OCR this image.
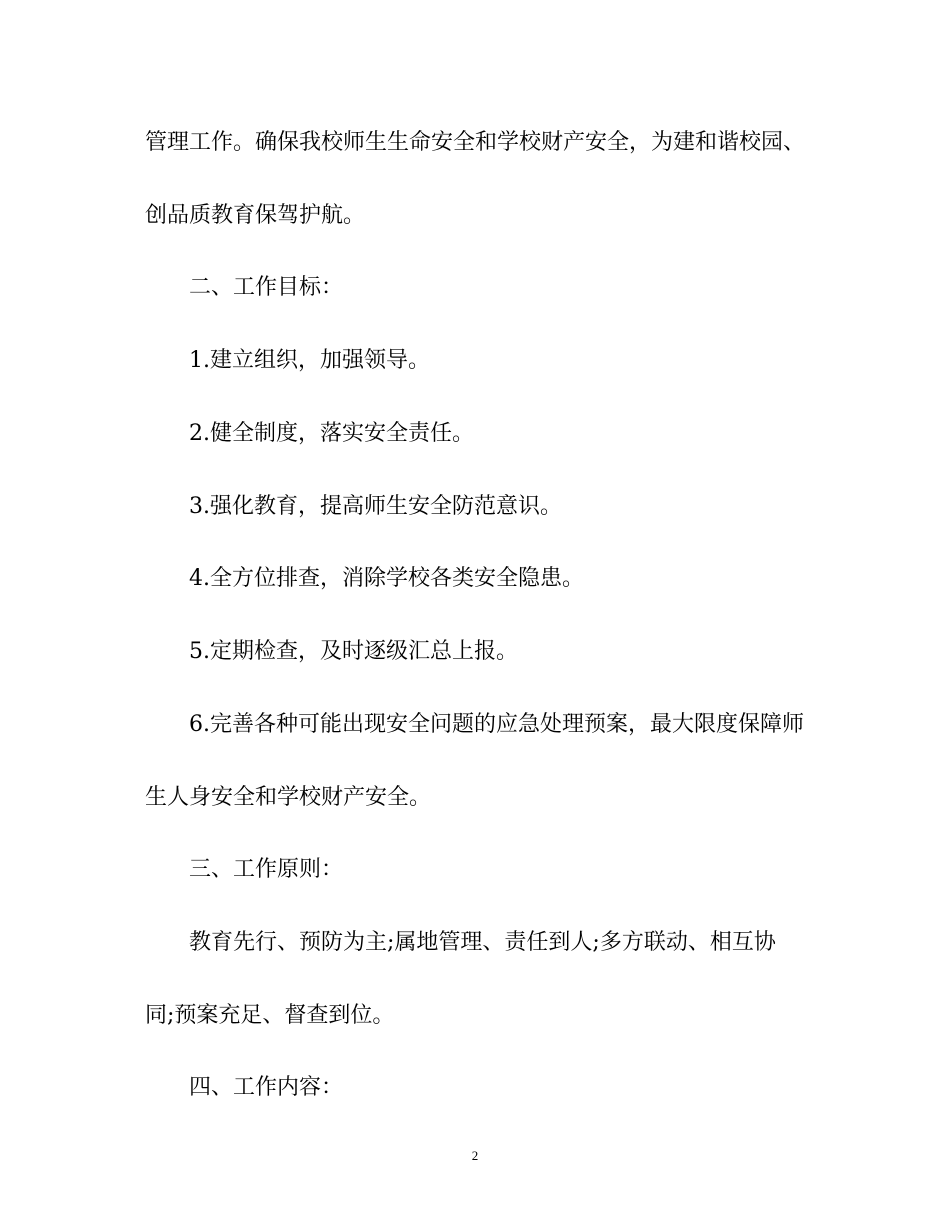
管理工作。确保我校师生生命安全和学校财产安全，为建和谐校园、
创品质教育保驾护航。
二、工作目标：
1.建立组织，加强领导。
2.健全制度，落实安全责任。
3.强化教育，提高师生安全防范意识。
4.全方位排查，消除学校各类安全隐患。
5.定期检查，及时逐级汇总上报。
6.完善各种可能出现安全问题的应急处理预案，最大限度保障师
生人身安全和学校财产安全。
三、工作原则：
教育先行、预防为主;属地管理、责任到人;多方联动、相互协
同;预案充足、督查到位。
四、工作内容：
2
